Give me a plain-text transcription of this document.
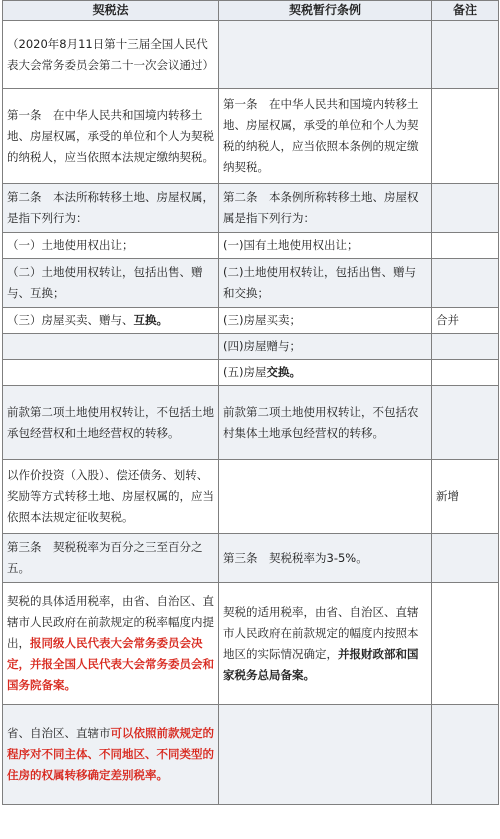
契税法	契税暂行条例	备注
（2020年8月11日第十三届全国人民代表大会常务委员会第二十一次会议通过）		
第一条　在中华人民共和国境内转移土地、房屋权属，承受的单位和个人为契税的纳税人，应当依照本法规定缴纳契税。	第一条　在中华人民共和国境内转移土地、房屋权属，承受的单位和个人为契税的纳税人，应当依照本条例的规定缴纳契税。	
第二条　本法所称转移土地、房屋权属，是指下列行为：	第二条　本条例所称转移土地、房屋权属是指下列行为：	
（一）土地使用权出让；	(一)国有土地使用权出让；	
（二）土地使用权转让，包括出售、赠与、互换；	(二)土地使用权转让，包括出售、赠与和交换；	
（三）房屋买卖、赠与、互换。	(三)房屋买卖；	合并
	(四)房屋赠与；	
	(五)房屋交换。	
前款第二项土地使用权转让，不包括土地承包经营权和土地经营权的转移。	前款第二项土地使用权转让，不包括农村集体土地承包经营权的转移。	
以作价投资（入股）、偿还债务、划转、奖励等方式转移土地、房屋权属的，应当依照本法规定征收契税。		新增
第三条　契税税率为百分之三至百分之五。	第三条　契税税率为3-5%。	
契税的具体适用税率，由省、自治区、直辖市人民政府在前款规定的税率幅度内提出，报同级人民代表大会常务委员会决定，并报全国人民代表大会常务委员会和国务院备案。	契税的适用税率，由省、自治区、直辖市人民政府在前款规定的幅度内按照本地区的实际情况确定，并报财政部和国家税务总局备案。	
省、自治区、直辖市可以依照前款规定的程序对不同主体、不同地区、不同类型的住房的权属转移确定差别税率。		
